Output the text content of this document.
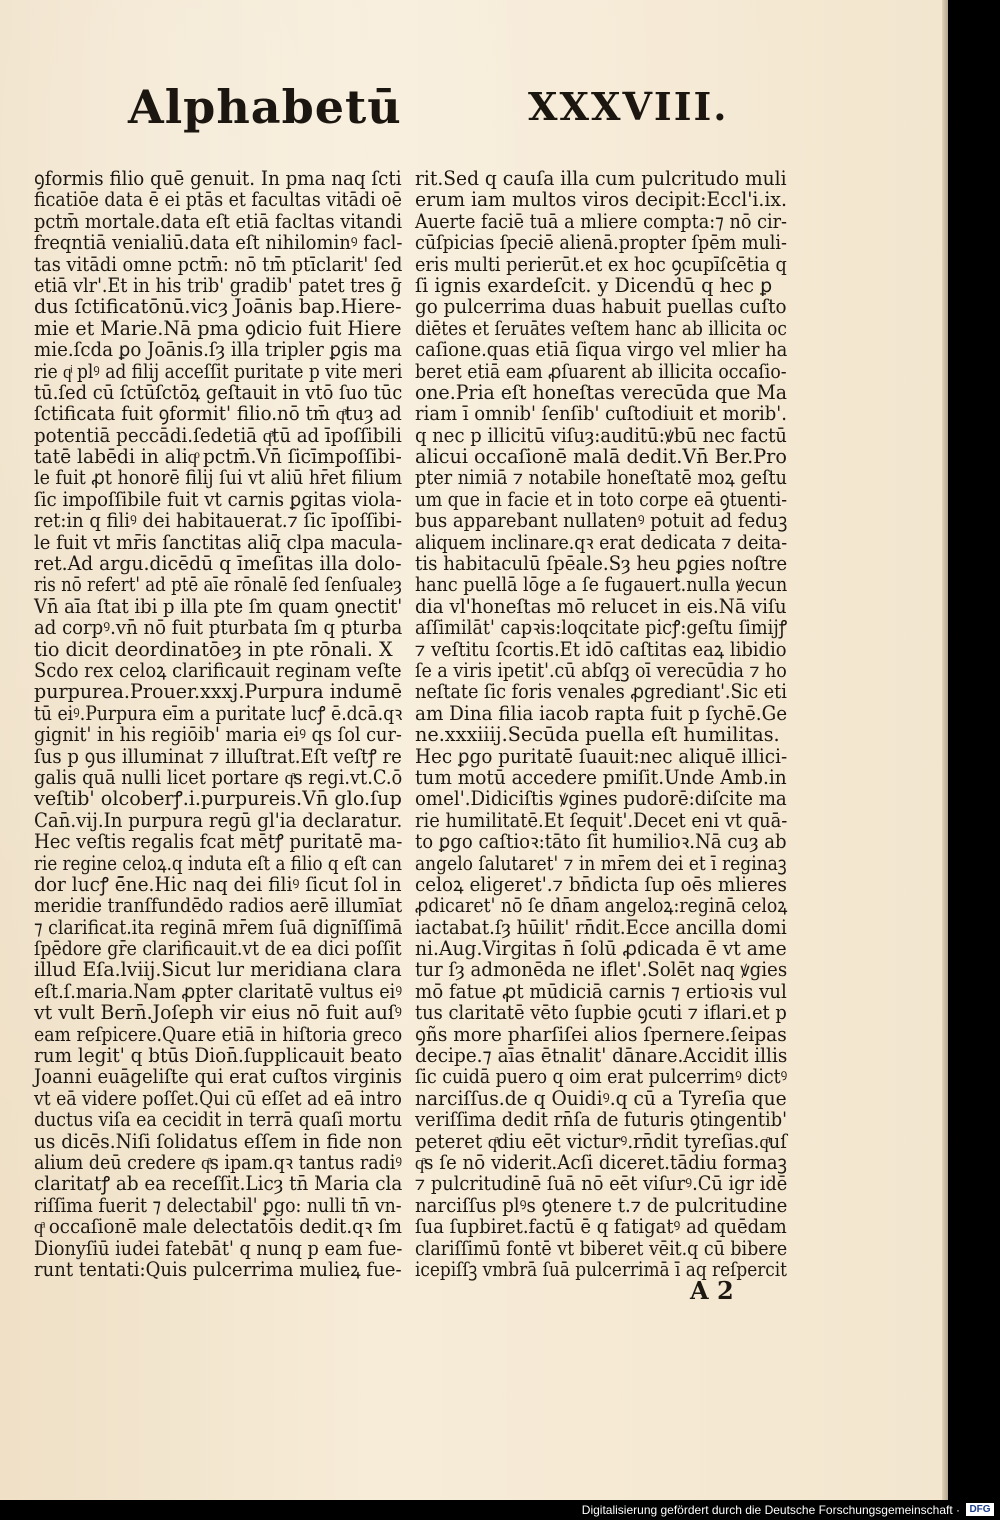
Alphabetū	XXXVIII.
ꝯformis filio quē genuit. In pma naq ſcti
ficatiōe data ē ei ptās et facultas vitādi oē
pctm̄ mortale.data eſt etiā facltas vitandi
freqntiā venialiū.data eſt nihilominꝰ facl-
tas vitādi omne pctm̄: nō tm̄ ptīclarit' ſed
etiā vlr'.Et in his trib' gradib' patet tres ḡ
dus ſctificatōnū.vicȝ Joānis bap.Hiere-
mie et Marie.Nā pma ꝯdicio fuit Hiere
mie.ſcda ꝑo Joānis.ſȝ illa tripler ꝑgis ma
rie qͥ plꝰ ad filij acceſſit puritate p vite meri
tū.ſed cū ſctūſctōꝝ geſtauit in vtō ſuo tūc
ſctificata fuit ꝯformit' filio.nō tm̄ qͣtuȝ ad
potentiā peccādi.ſedetiā qͣtū ad īpoſſibili
tatē labēdi in aliqͦ pctm̄.Vn̄ ſicīmpoſſibi-
le fuit ꝓt honorē filij ſui vt aliū hr̄et filium
ſic impoſſibile fuit vt carnis ꝑgitas viola-
ret:in q filiꝰ dei habitauerat.⁊ ſic īpoſſibi-
le fuit vt mr̄is ſanctitas aliq̄ clpa macula-
ret.Ad argu.dicēdū q īmeſitas illa dolo-
ris nō refert' ad ptē aīe rōnalē ſed ſenſualeȝ
Vn̄ aīa ſtat ibi p illa pte ſm quam ꝯnectit'
ad corpꝰ.vn̄ nō fuit pturbata ſm q pturba
tio dicit deordinatōeȝ in pte rōnali. X
Scdo rex celoꝝ clarificauit reginam veſte
purpurea.Prouer.xxxj.Purpura indumē
tū eiꝰ.Purpura eīm a puritate lucꝭ ē.dcā.qꝛ
gignit' in his regiōib' maria eiꝰ qs ſol cur-
ſus p ꝯus illuminat ⁊ illuſtrat.Eſt veſtꝭ re
galis quā nulli licet portare qͣs regi.vt.C.ō
veſtib' olcoberꝭ.i.purpureis.Vn̄ glo.ſup
Can̄.vij.In purpura regū gl'ia declaratur.
Hec veſtis regalis fcat mētꝭ puritatē ma-
rie regine celoꝝ.q induta eſt a filio q eſt can
dor lucꝭ ē̄ne.Hic naq dei filiꝰ ſicut ſol in
meridie tranſfundēdo radios aerē illumīat
⁊ clarificat.ita reginā mr̄em ſuā dignīſſimā
ſpēdore gr̄e clarificauit.vt de ea dici poſſit
illud Eſa.lviij.Sicut lur meridiana clara
eſt.ſ.maria.Nam ꝓpter claritatē vultus eiꝰ
vt vult Bern̄.Joſeph vir eius nō fuit auſꝰ
eam reſpicere.Quare etiā in hiſtoria greco
rum legit' q btūs Dion̄.ſupplicauit beato
Joanni euāgeliſte qui erat cuſtos virginis
vt eā videre poſſet.Qui cū eſſet ad eā intro
ductus viſa ea cecidit in terrā quaſi mortu
us dicēs.Niſi ſolidatus eſſem in fide non
alium deū credere qͣs ipam.qꝛ tantus radiꝰ
claritatꝭ ab ea receſſit.Licȝ tn̄ Maria cla
riſſima fuerit ⁊ delectabil' ꝑgo: nulli tn̄ vn-
qͣ occaſionē male delectatōis dedit.qꝛ ſm
Dionyſiū iudei fatebāt' q nunq p eam fue-
runt tentati:Quis pulcerrima mulieꝝ fue-
rit.Sed q cauſa illa cum pulcritudo muli
erum iam multos viros decipit:Eccl'i.ix.
Auerte faciē tuā a mliere compta:⁊ nō cir-
cūſpicias ſpeciē alienā.propter ſpēm muli-
eris multi perierūt.et ex hoc ꝯcupīſcētia q
ſi ignis exardeſcit. y Dicendū q hec ꝑ
go pulcerrima duas habuit puellas cuſto
diētes et ſeruātes veſtem hanc ab illicita oc
caſione.quas etiā ſiqua virgo vel mlier ha
beret etiā eam ꝓſuarent ab illicita occaſio-
one.Pria eſt honeſtas verecūda que Ma
riam ī omnib' ſenſib' cuſtodiuit et morib'.
q nec p illicitū viſuȝ:auditū:ꝟbū nec factū
alicui occaſionē malā dedit.Vn̄ Ber.Pro
pter nimiā ⁊ notabile honeſtatē moꝝ geſtu
um que in facie et in toto corpe eā ꝯtuenti-
bus apparebant nullatenꝰ potuit ad feduꝫ
aliquem inclinare.qꝛ erat dedicata ⁊ deita-
tis habitaculū ſpēale.Sȝ heu ꝑgies noſtre
hanc puellā lōge a ſe fugauert.nulla ꝟecun
dia vl'honeſtas mō relucet in eis.Nā viſu
aſſimilāt' capꝛis:loqcitate picꝭ:geſtu ſimijꝭ
⁊ veſtitu ſcortis.Et idō caſtitas eaꝝ libidio
ſe a viris ipetit'.cū abſqꝫ oī verecūdia ⁊ ho
neſtate ſic foris venales ꝓgrediant'.Sic eti
am Dina filia iacob rapta fuit p ſychē.Ge
ne.xxxiiij.Secūda puella eſt humilitas.
Hec ꝑgo puritatē ſuauit:nec aliquē illici-
tum motū accedere pmiſit.Unde Amb.in
omel'.Didiciſtis ꝟgines pudorē:diſcite ma
rie humilitatē.Et ſequit'.Decet eni vt quā-
to ꝑgo caſtioꝛ:tāto ſit humilioꝛ.Nā cuȝ ab
angelo ſalutaret' ⁊ in mr̄em dei et ī reginaꝫ
celoꝝ eligeret'.⁊ bn̄dicta ſup oēs mlieres
ꝓdicaret' nō ſe dn̄am angeloꝝ:reginā celoꝝ
iactabat.ſȝ hūilit' rn̄dit.Ecce ancilla domi
ni.Aug.Virgitas n̄ ſolū ꝓdicada ē vt ame
tur ſȝ admonēda ne iflet'.Solēt naq ꝟgies
mō fatue ꝓt mūdiciā carnis ⁊ ertioꝛis vul
tus claritatē vēto ſupbie ꝯcuti ⁊ iflari.et p
ꝯñs more pharſiſei alios ſpernere.ſeipas
decipe.⁊ aīas ētnalit' dānare.Accidit illis
ſic cuidā puero q oim erat pulcerrimꝰ dictꝰ
narciſſus.de q Ouidiꝰ.q cū a Tyreſia que
veriſſima dedit rn̄ſa de futuris ꝯtingentib'
peteret qͣdiu eēt victurꝰ.rn̄dit tyreſias.qͣuſ
qͣs ſe nō viderit.Acſi diceret.tādiu formaꝫ
⁊ pulcritudinē ſuā nō eēt viſurꝰ.Cū igr idē
narciſſus plꝰs ꝯtenere t.⁊ de pulcritudine
ſua ſupbiret.factū ē q fatigatꝰ ad quēdam
clariſſimū fontē vt biberet vēit.q cū bibere
icepiſſꝫ vmbrā ſuā pulcerrimā ī aq reſpercit
A 2
Digitalisierung gefördert durch die Deutsche Forschungsgemeinschaft · DFG
